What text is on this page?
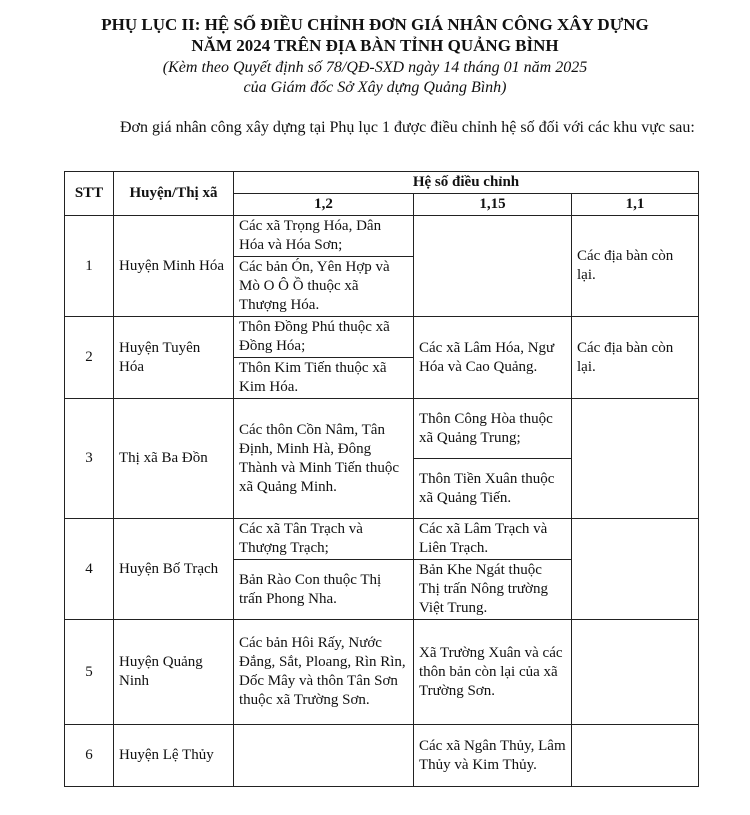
PHỤ LỤC II: HỆ SỐ ĐIỀU CHỈNH ĐƠN GIÁ NHÂN CÔNG XÂY DỰNG
NĂM 2024 TRÊN ĐỊA BÀN TỈNH QUẢNG BÌNH
(Kèm theo Quyết định số 78/QĐ-SXD ngày 14 tháng 01 năm 2025
của Giám đốc Sở Xây dựng Quảng Bình)
Đơn giá nhân công xây dựng tại Phụ lục 1 được điều chỉnh hệ số đối với các khu vực sau:
STT	Huyện/Thị xã	Hệ số điều chỉnh		
		1,2	1,15	1,1
1	Huyện Minh Hóa	Các xã Trọng Hóa, Dân Hóa và Hóa Sơn;		Các địa bàn còn lại.
		Các bản Ón, Yên Hợp và Mò O Ô Ồ thuộc xã Thượng Hóa.		
2	Huyện Tuyên Hóa	Thôn Đồng Phú thuộc xã Đồng Hóa;	Các xã Lâm Hóa, Ngư Hóa và Cao Quảng.	Các địa bàn còn lại.
		Thôn Kim Tiến thuộc xã Kim Hóa.		
3	Thị xã Ba Đồn	Các thôn Cồn Nâm, Tân Định, Minh Hà, Đông Thành và Minh Tiến thuộc xã Quảng Minh.	Thôn Công Hòa thuộc xã Quảng Trung;	
			Thôn Tiền Xuân thuộc xã Quảng Tiến.	
4	Huyện Bố Trạch	Các xã Tân Trạch và Thượng Trạch;	Các xã Lâm Trạch và Liên Trạch.	
		Bản Rào Con thuộc Thị trấn Phong Nha.	Bản Khe Ngát thuộc Thị trấn Nông trường Việt Trung.	
5	Huyện Quảng Ninh	Các bản Hôi Rấy, Nước Đắng, Sắt, Ploang, Rìn Rìn, Dốc Mây và thôn Tân Sơn thuộc xã Trường Sơn.	Xã Trường Xuân và các thôn bản còn lại của xã Trường Sơn.	
6	Huyện Lệ Thủy		Các xã Ngân Thủy, Lâm Thủy và Kim Thủy.	
